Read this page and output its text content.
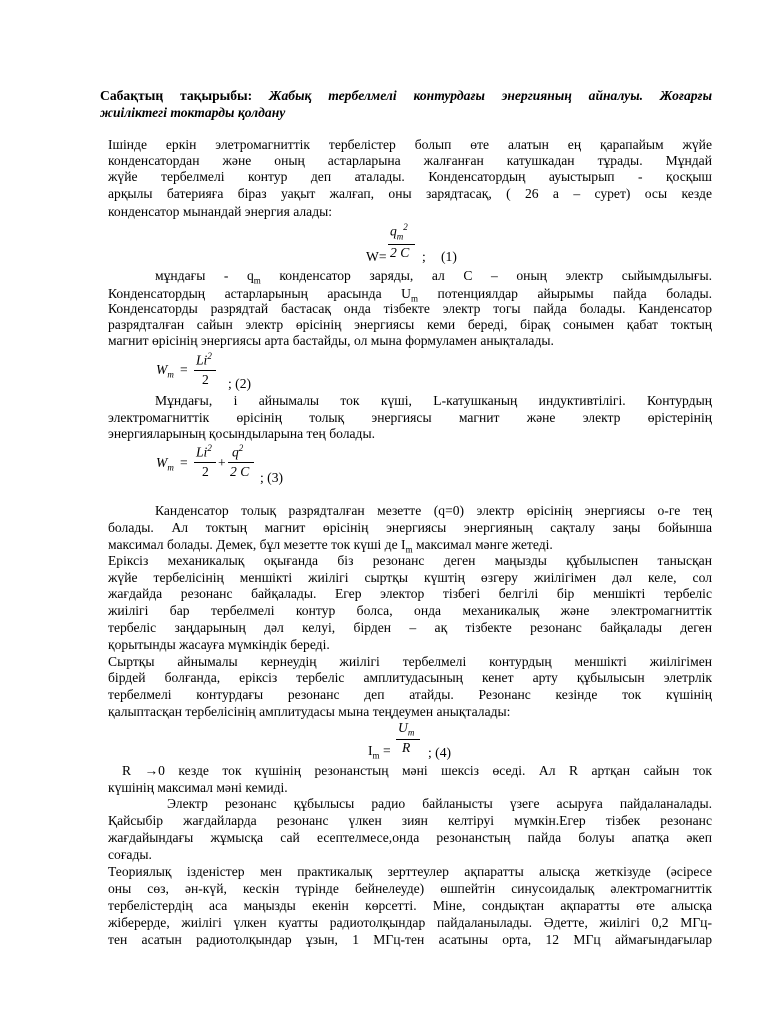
Сабақтың тақырыбы: Жабық тербелмелі контурдағы энергияның айналуы. Жоғарғы
жиіліктегі токтарды қолдану
Ішінде еркін элетромагниттік тербелістер болып өте алатын ең қарапайым жүйе
конденсатордан және оның астарларына жалғанған катушкадан тұрады. Мұндай
жүйе тербелмелі контур деп аталады. Конденсатордың ауыстырып - қосқыш
арқылы батерияға біраз уақыт жалғап, оны зарядтасақ, ( 26 а – сурет) осы кезде
конденсатор мынандай энергия алады:
W=
$q_m^2$
2 C ; (1)
мұндағы - $q_m$ конденсатор заряды, ал С – оның электр сыйымдылығы.
Конденсатордың астарларының арасында $U_m$ потенциялдар айырымы пайда болады.
Конденсаторды разрядтай бастасақ онда тізбекте электр тогы пайда болады. Канденсатор
разрядталған сайын электр өрісінің энергиясы кеми береді, бірақ сонымен қабат токтың
магнит өрісінің энергиясы арта бастайды, ол мына формуламен анықталады.
$W_m$ =
$Li^2$
2 ; (2)
Мұндағы, і айнымалы ток күші, L-катушканың индуктивтілігі. Контурдың
электромагниттік өрісінің толық энергиясы магнит және электр өрістерінің
энергияларының қосындыларына тең болады.
$W_m$ =
$Li^2$
2
+
$q^2$
2 C ; (3)
Канденсатор толық разрядталған мезетте (q=0) электр өрісінің энергиясы о-ге тең
болады. Ал токтың магнит өрісінің энергиясы энергияның сақталу заңы бойынша
максимал болады. Демек, бұл мезетте ток күші де $I_m$ максимал мәнге жетеді.
Еріксіз механикалық оқығанда біз резонанс деген маңызды құбылыспен танысқан
жүйе тербелісінің меншікті жиілігі сыртқы күштің өзгеру жиілігімен дәл келе, сол
жағдайда резонанс байқалады. Егер электор тізбегі белгілі бір меншікті тербеліс
жиілігі бар тербелмелі контур болса, онда механикалық және электромагниттік
тербеліс заңдарының дәл келуі, бірден – ақ тізбекте резонанс байқалады деген
қорытынды жасауға мүмкіндік береді.
Сыртқы айнымалы кернеудің жиілігі тербелмелі контурдың меншікті жиілігімен
бірдей болғанда, еріксіз тербеліс амплитудасының кенет арту құбылысын элетрлік
тербелмелі контурдағы резонанс деп атайды. Резонанс кезінде ток күшінің
қалыптасқан тербелісінің амплитудасы мына теңдеумен анықталады:
$I_m$ =
$U_m$
R ; (4)
R →0 кезде ток күшінің резонанстың мәні шексіз өседі. Ал R артқан сайын ток
күшінің максимал мәні кемиді.
Электр резонанс құбылысы радио байланысты үзеге асыруға пайдаланалады.
Қайсыбір жағдайларда резонанс үлкен зиян келтіруі мүмкін.Егер тізбек резонанс
жағдайындағы жұмысқа сай есептелмесе,онда резонанстың пайда болуы апатқа әкеп
соғады.
Теориялық ізденістер мен практикалық зерттеулер ақпаратты алысқа жеткізуде (әсіресе
оны сөз, ән-күй, кескін түрінде бейнелеуде) өшпейтін синусоидалық әлектромагниттік
тербелістердің аса маңызды екенін көрсетті. Міне, сондықтан ақпаратты өте алысқа
жіберерде, жиілігі үлкен куатты радиотолқындар пайдаланылады. Әдетте, жиілігі 0,2 МГц-
тен асатын радиотолқындар ұзын, 1 МГц-тен асатыны орта, 12 МГц аймағындағылар
